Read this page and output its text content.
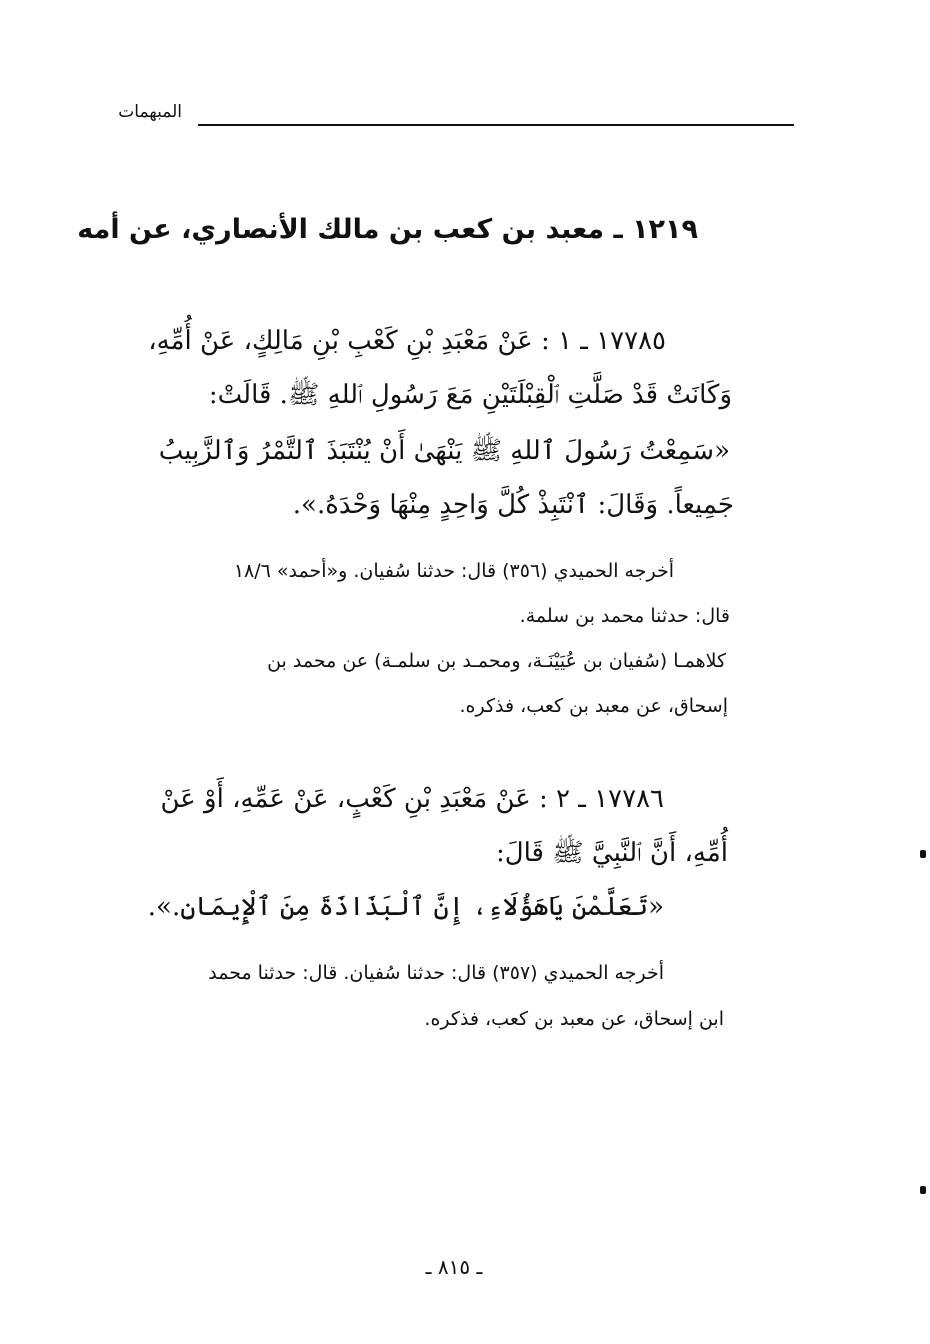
المبهمات
١٢١٩ ـ معبد بن كعب بن مالك الأنصاري، عن أمه
١٧٧٨٥ ـ ١ : عَنْ مَعْبَدِ بْنِ كَعْبِ بْنِ مَالِكٍ، عَنْ أُمِّهِ،
وَكَانَتْ قَدْ صَلَّتِ ٱلْقِبْلَتَيْنِ مَعَ رَسُولِ ٱللهِ ﷺ. قَالَتْ:
«سَمِعْتُ رَسُولَ ٱللهِ ﷺ يَنْهَىٰ أَنْ يُنْتَبَذَ ٱلتَّمْرُ وَٱلزَّبِيبُ
جَمِيعاً. وَقَالَ: ٱنْتَبِذْ كُلَّ وَاحِدٍ مِنْهَا وَحْدَهُ.».
أخرجه الحميدي (٣٥٦) قال: حدثنا سُفيان. و«أحمد» ١٨/٦
قال: حدثنا محمد بن سلمة.
كلاهمـا (سُفيان بن عُيَيْنَـة، ومحمـد بن سلمـة) عن محمد بن
إسحاق، عن معبد بن كعب، فذكره.
١٧٧٨٦ ـ ٢ : عَنْ مَعْبَدِ بْنِ كَعْبٍ، عَنْ عَمِّهِ، أَوْ عَنْ
أُمِّهِ، أَنَّ ٱلنَّبِيَّ ﷺ قَالَ:
«تَعَلَّمْنَ يَاهَؤُلَاءِ، إِنَّ ٱلْبَذَاذَةَ مِنَ ٱلْإِيمَانِ.».
أخرجه الحميدي (٣٥٧) قال: حدثنا سُفيان. قال: حدثنا محمد
ابن إسحاق، عن معبد بن كعب، فذكره.
ـ ٨١٥ ـ
